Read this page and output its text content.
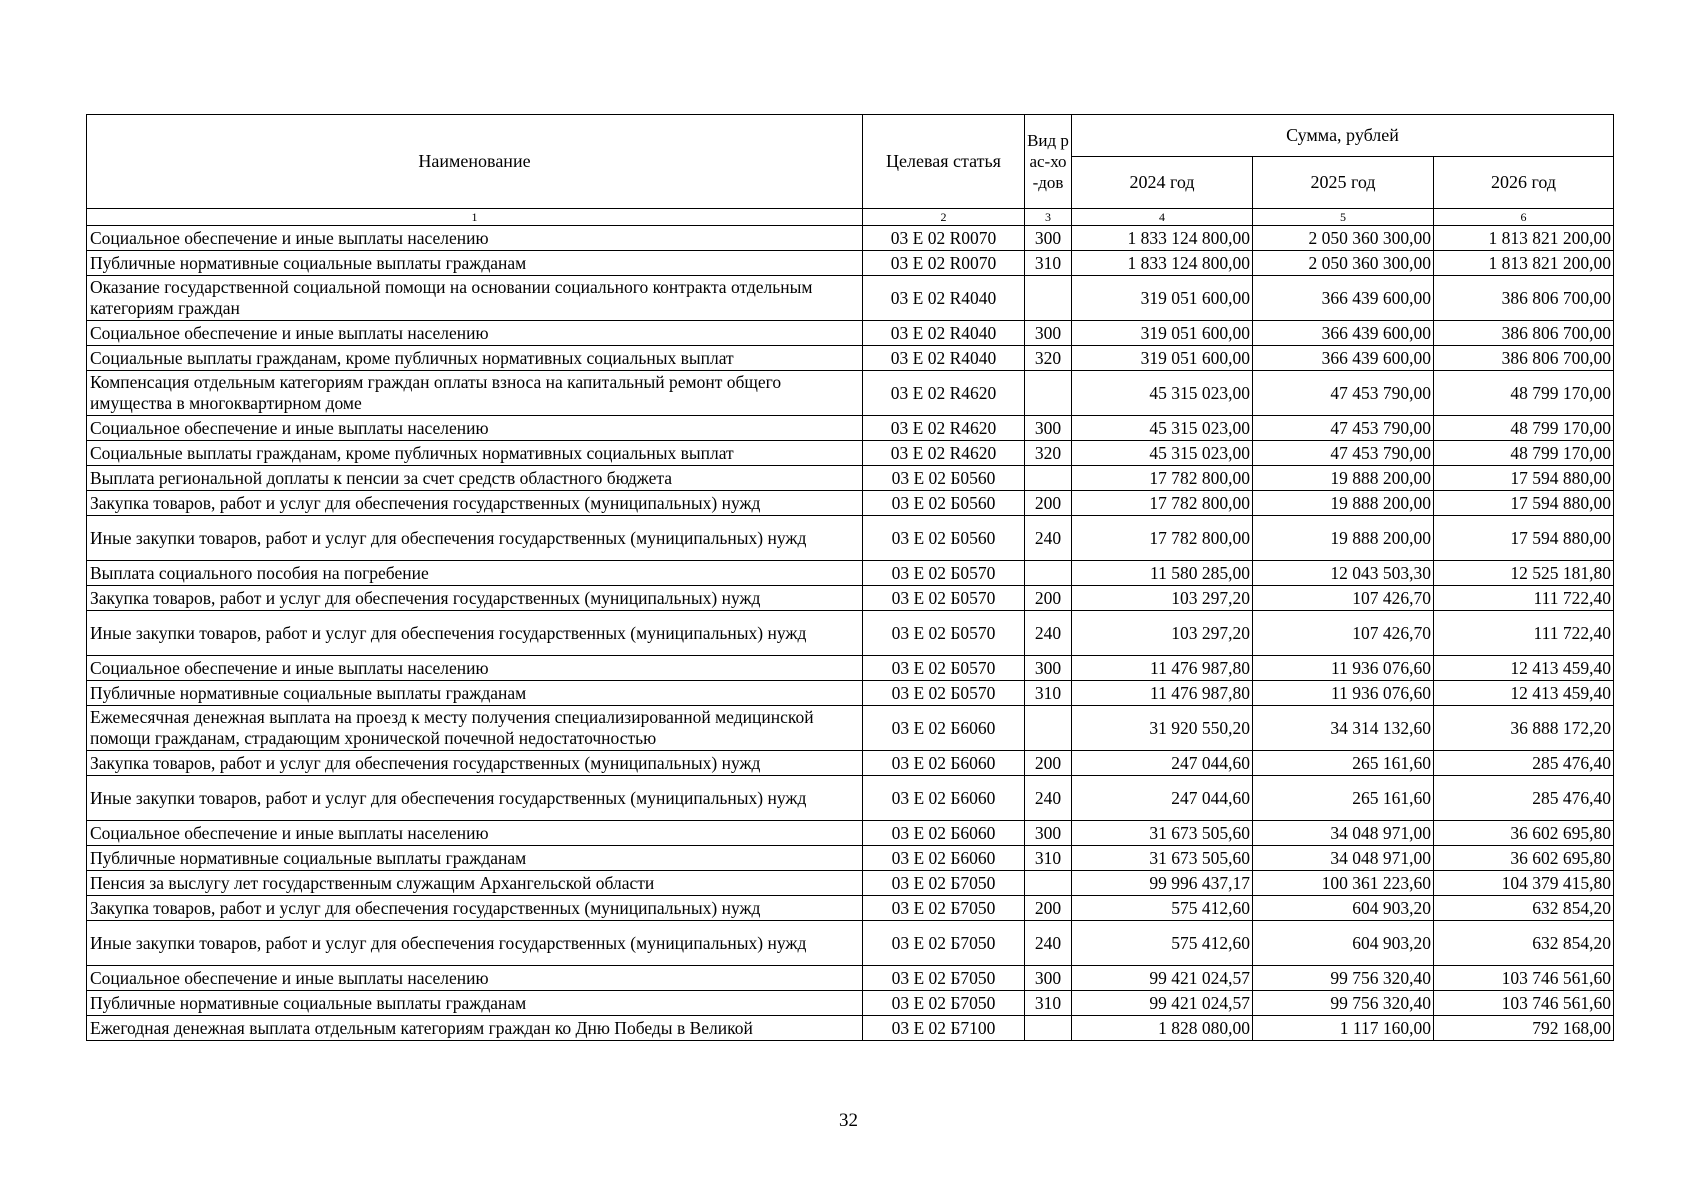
Наименование	Целевая статья	Вид рас-хо-дов	Сумма, рублей		
			2024 год	2025 год	2026 год
1	2	3	4	5	6
Социальное обеспечение и иные выплаты населению	03 Е 02 R0070	300	1 833 124 800,00	2 050 360 300,00	1 813 821 200,00
Публичные нормативные социальные выплаты гражданам	03 Е 02 R0070	310	1 833 124 800,00	2 050 360 300,00	1 813 821 200,00
Оказание государственной социальной помощи на основании социального контракта отдельным категориям граждан	03 Е 02 R4040		319 051 600,00	366 439 600,00	386 806 700,00
Социальное обеспечение и иные выплаты населению	03 Е 02 R4040	300	319 051 600,00	366 439 600,00	386 806 700,00
Социальные выплаты гражданам, кроме публичных нормативных социальных выплат	03 Е 02 R4040	320	319 051 600,00	366 439 600,00	386 806 700,00
Компенсация отдельным категориям граждан оплаты взноса на капитальный ремонт общего имущества в многоквартирном доме	03 Е 02 R4620		45 315 023,00	47 453 790,00	48 799 170,00
Социальное обеспечение и иные выплаты населению	03 Е 02 R4620	300	45 315 023,00	47 453 790,00	48 799 170,00
Социальные выплаты гражданам, кроме публичных нормативных социальных выплат	03 Е 02 R4620	320	45 315 023,00	47 453 790,00	48 799 170,00
Выплата региональной доплаты к пенсии за счет средств областного бюджета	03 Е 02 Б0560		17 782 800,00	19 888 200,00	17 594 880,00
Закупка товаров, работ и услуг для обеспечения государственных (муниципальных) нужд	03 Е 02 Б0560	200	17 782 800,00	19 888 200,00	17 594 880,00
Иные закупки товаров, работ и услуг для обеспечения государственных (муниципальных) нужд	03 Е 02 Б0560	240	17 782 800,00	19 888 200,00	17 594 880,00
Выплата социального пособия на погребение	03 Е 02 Б0570		11 580 285,00	12 043 503,30	12 525 181,80
Закупка товаров, работ и услуг для обеспечения государственных (муниципальных) нужд	03 Е 02 Б0570	200	103 297,20	107 426,70	111 722,40
Иные закупки товаров, работ и услуг для обеспечения государственных (муниципальных) нужд	03 Е 02 Б0570	240	103 297,20	107 426,70	111 722,40
Социальное обеспечение и иные выплаты населению	03 Е 02 Б0570	300	11 476 987,80	11 936 076,60	12 413 459,40
Публичные нормативные социальные выплаты гражданам	03 Е 02 Б0570	310	11 476 987,80	11 936 076,60	12 413 459,40
Ежемесячная денежная выплата на проезд к месту получения специализированной медицинской помощи гражданам, страдающим хронической почечной недостаточностью	03 Е 02 Б6060		31 920 550,20	34 314 132,60	36 888 172,20
Закупка товаров, работ и услуг для обеспечения государственных (муниципальных) нужд	03 Е 02 Б6060	200	247 044,60	265 161,60	285 476,40
Иные закупки товаров, работ и услуг для обеспечения государственных (муниципальных) нужд	03 Е 02 Б6060	240	247 044,60	265 161,60	285 476,40
Социальное обеспечение и иные выплаты населению	03 Е 02 Б6060	300	31 673 505,60	34 048 971,00	36 602 695,80
Публичные нормативные социальные выплаты гражданам	03 Е 02 Б6060	310	31 673 505,60	34 048 971,00	36 602 695,80
Пенсия за выслугу лет государственным служащим Архангельской области	03 Е 02 Б7050		99 996 437,17	100 361 223,60	104 379 415,80
Закупка товаров, работ и услуг для обеспечения государственных (муниципальных) нужд	03 Е 02 Б7050	200	575 412,60	604 903,20	632 854,20
Иные закупки товаров, работ и услуг для обеспечения государственных (муниципальных) нужд	03 Е 02 Б7050	240	575 412,60	604 903,20	632 854,20
Социальное обеспечение и иные выплаты населению	03 Е 02 Б7050	300	99 421 024,57	99 756 320,40	103 746 561,60
Публичные нормативные социальные выплаты гражданам	03 Е 02 Б7050	310	99 421 024,57	99 756 320,40	103 746 561,60
Ежегодная денежная выплата отдельным категориям граждан ко Дню Победы в Великой	03 Е 02 Б7100		1 828 080,00	1 117 160,00	792 168,00
32
